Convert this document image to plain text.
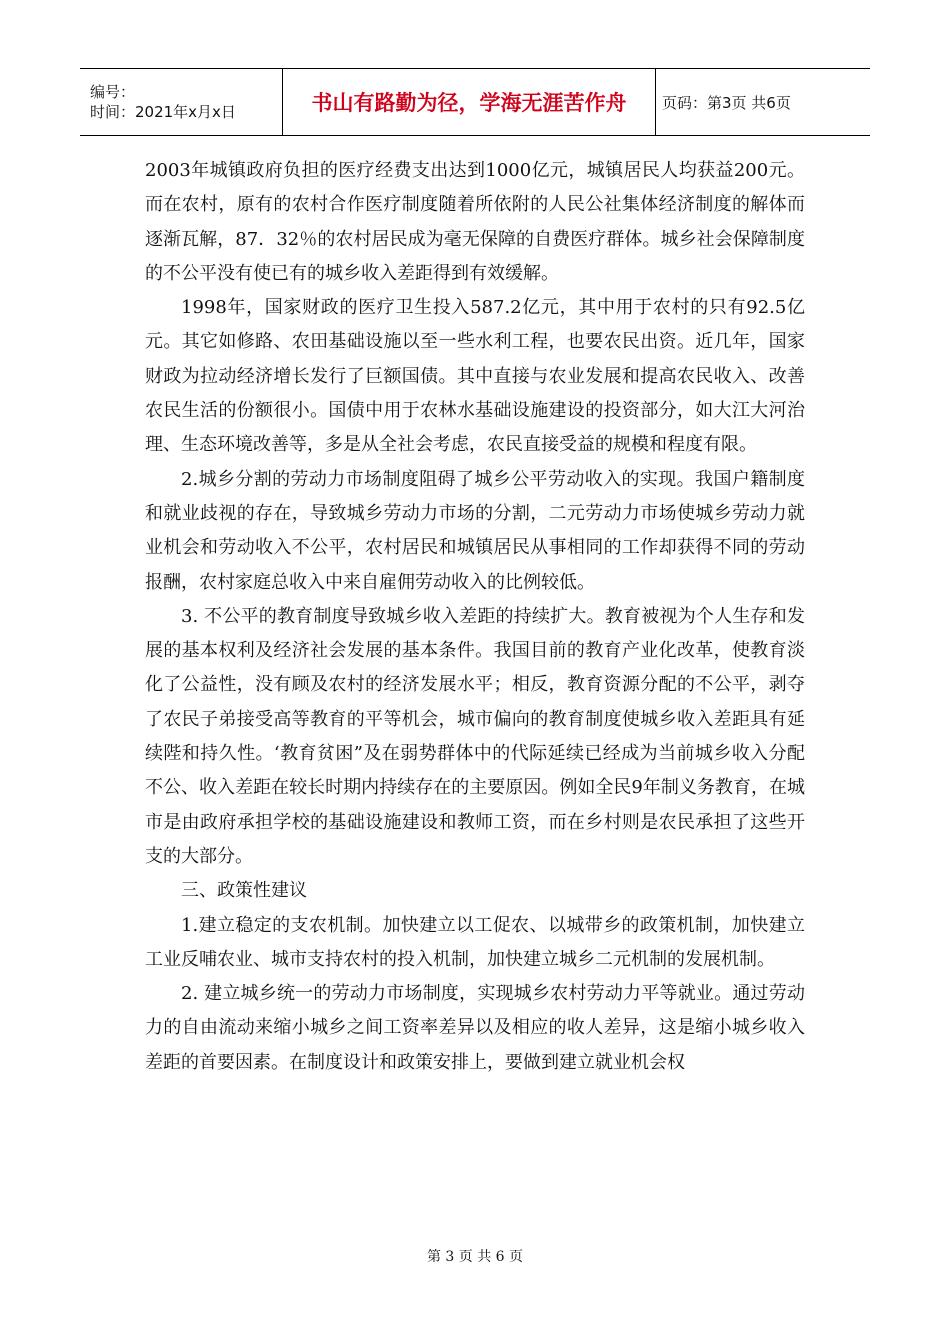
编号：
时间：2021年x月x日	书山有路勤为径，学海无涯苦作舟 页码：第3页 共6页

2003年城镇政府负担的医疗经费支出达到1000亿元，城镇居民人均获益200元。而在农村，原有的农村合作医疗制度随着所依附的人民公社集体经济制度的解体而逐渐瓦解，87．32％的农村居民成为毫无保障的自费医疗群体。城乡社会保障制度的不公平没有使已有的城乡收入差距得到有效缓解。

1998年，国家财政的医疗卫生投入587.2亿元，其中用于农村的只有92.5亿元。其它如修路、农田基础设施以至一些水利工程，也要农民出资。近几年，国家财政为拉动经济增长发行了巨额国债。其中直接与农业发展和提高农民收入、改善农民生活的份额很小。国债中用于农林水基础设施建设的投资部分，如大江大河治理、生态环境改善等，多是从全社会考虑，农民直接受益的规模和程度有限。

2.城乡分割的劳动力市场制度阻碍了城乡公平劳动收入的实现。我国户籍制度和就业歧视的存在，导致城乡劳动力市场的分割，二元劳动力市场使城乡劳动力就业机会和劳动收入不公平，农村居民和城镇居民从事相同的工作却获得不同的劳动报酬，农村家庭总收入中来自雇佣劳动收入的比例较低。

3. 不公平的教育制度导致城乡收入差距的持续扩大。教育被视为个人生存和发展的基本权利及经济社会发展的基本条件。我国目前的教育产业化改革，使教育淡化了公益性，没有顾及农村的经济发展水平；相反，教育资源分配的不公平，剥夺了农民子弟接受高等教育的平等机会，城市偏向的教育制度使城乡收入差距具有延续陛和持久性。‘教育贫困”及在弱势群体中的代际延续已经成为当前城乡收入分配不公、收入差距在较长时期内持续存在的主要原因。例如全民9年制义务教育，在城市是由政府承担学校的基础设施建设和教师工资，而在乡村则是农民承担了这些开支的大部分。

三、政策性建议

1.建立稳定的支农机制。加快建立以工促农、以城带乡的政策机制，加快建立工业反哺农业、城市支持农村的投入机制，加快建立城乡二元机制的发展机制。

2. 建立城乡统一的劳动力市场制度，实现城乡农村劳动力平等就业。通过劳动力的自由流动来缩小城乡之间工资率差异以及相应的收人差异，这是缩小城乡收入差距的首要因素。在制度设计和政策安排上，要做到建立就业机会权

第 3 页 共 6 页
